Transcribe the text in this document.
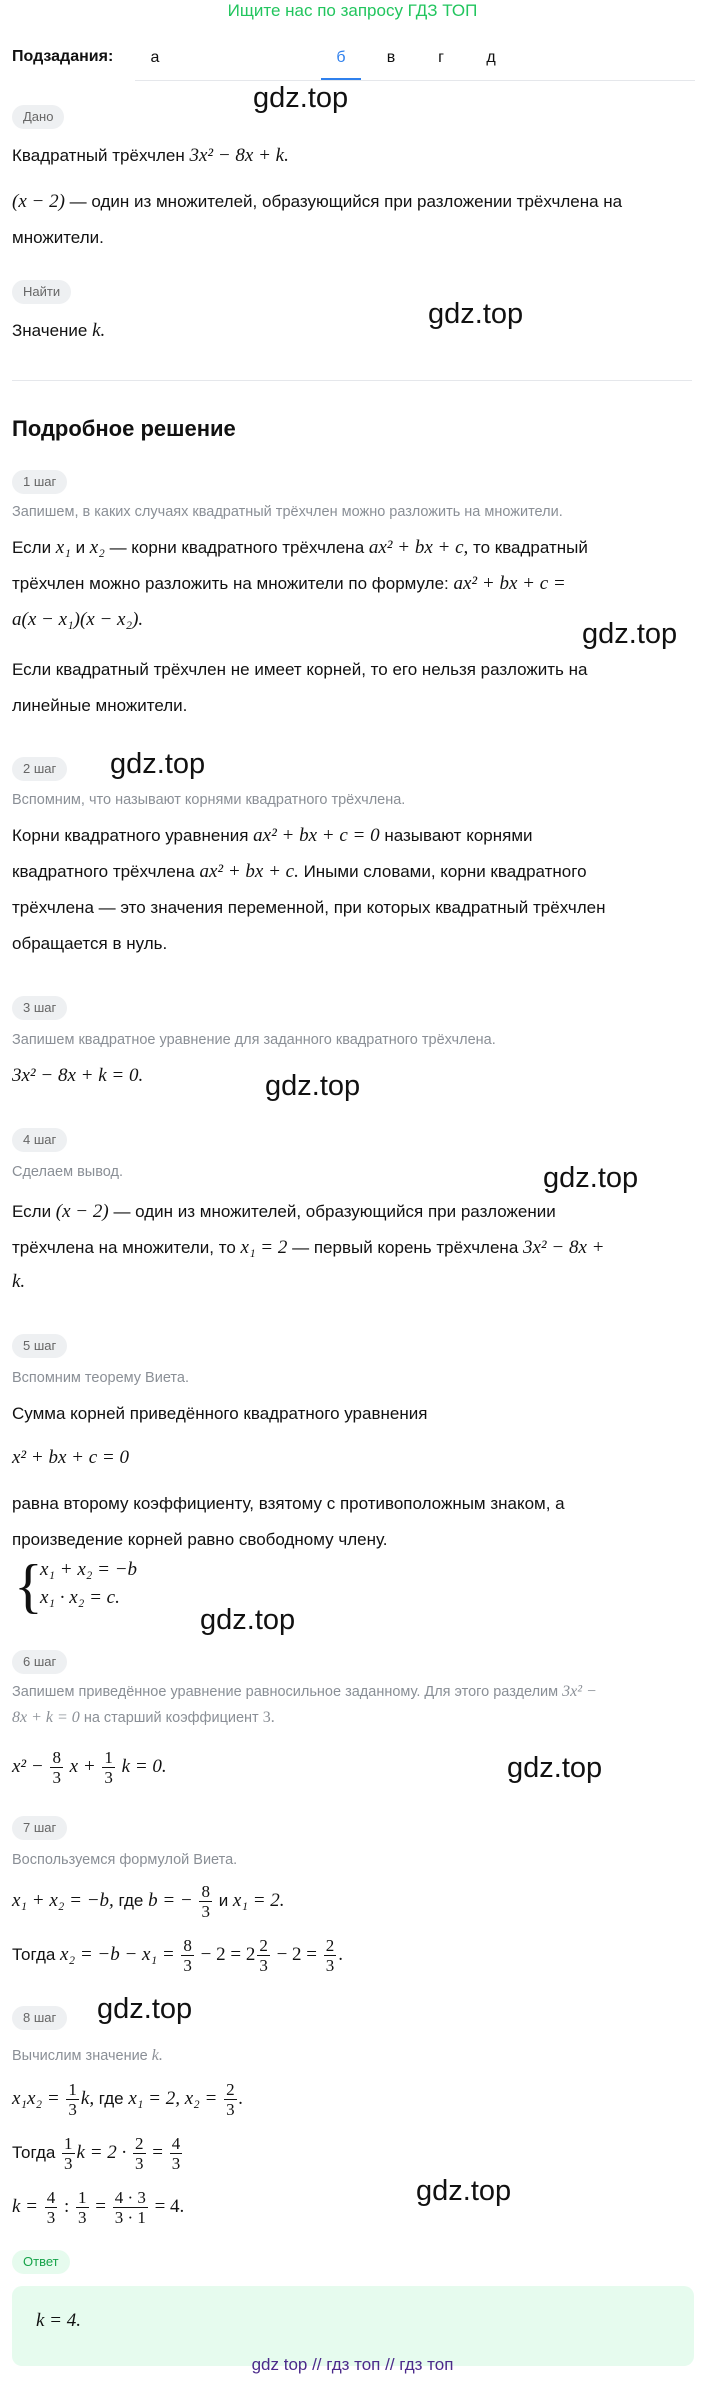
Ищите нас по запросу ГДЗ ТОП
Подзадания:	а	б	в	г	д
gdz.top
gdz.top
gdz.top
gdz.top
gdz.top
gdz.top
gdz.top
gdz.top
gdz.top
gdz.top
Дано
Квадратный трёхчлен 3x² − 8x + k.
(x − 2) — один из множителей, образующийся при разложении трёхчлена на
множители.
Найти
Значение k.
Подробное решение
1 шаг
Запишем, в каких случаях квадратный трёхчлен можно разложить на множители.
Если x₁ и x₂ — корни квадратного трёхчлена ax² + bx + c, то квадратный
трёхчлен можно разложить на множители по формуле: ax² + bx + c =
a(x − x₁)(x − x₂).
Если квадратный трёхчлен не имеет корней, то его нельзя разложить на
линейные множители.
2 шаг
Вспомним, что называют корнями квадратного трёхчлена.
Корни квадратного уравнения ax² + bx + c = 0 называют корнями
квадратного трёхчлена ax² + bx + c. Иными словами, корни квадратного
трёхчлена — это значения переменной, при которых квадратный трёхчлен
обращается в нуль.
3 шаг
Запишем квадратное уравнение для заданного квадратного трёхчлена.
3x² − 8x + k = 0.
4 шаг
Сделаем вывод.
Если (x − 2) — один из множителей, образующийся при разложении
трёхчлена на множители, то x₁ = 2 — первый корень трёхчлена 3x² − 8x +
k.
5 шаг
Вспомним теорему Виета.
Сумма корней приведённого квадратного уравнения
x² + bx + c = 0
равна второму коэффициенту, взятому с противоположным знаком, а
произведение корней равно свободному члену.
{
x₁ + x₂ = −b
x₁ · x₂ = c.
6 шаг
Запишем приведённое уравнение равносильное заданному. Для этого разделим 3x² −
8x + k = 0 на старший коэффициент 3.
$x^2 - \frac{8}{3}$ $x + \frac{1}{3}$ k = 0.
7 шаг
Воспользуемся формулой Виета.
x₁ + x₂ = −b, где b = − $\frac{8}{3}$ и x₁ = 2.
Тогда $x_2 = -b - x_1 = \frac{8}{3} - 2 = 2 \frac{2}{3} - 2 = \frac{2}{3}$ .
8 шаг
Вычислим значение k.
$x_1x_2 = \frac{1}{3} k$, где x₁ = 2, $x_2 = \frac{2}{3}$ .
Тогда $\frac{1}{3}$ $k = 2 \cdot \frac{2}{3} = \frac{4}{3}$
$k = \frac{4}{3}$ : $\frac{1}{3} = \frac{4 \cdot 3}{3 \cdot 1} = 4$.
Ответ
k = 4.
gdz top // гдз топ // гдз топ
